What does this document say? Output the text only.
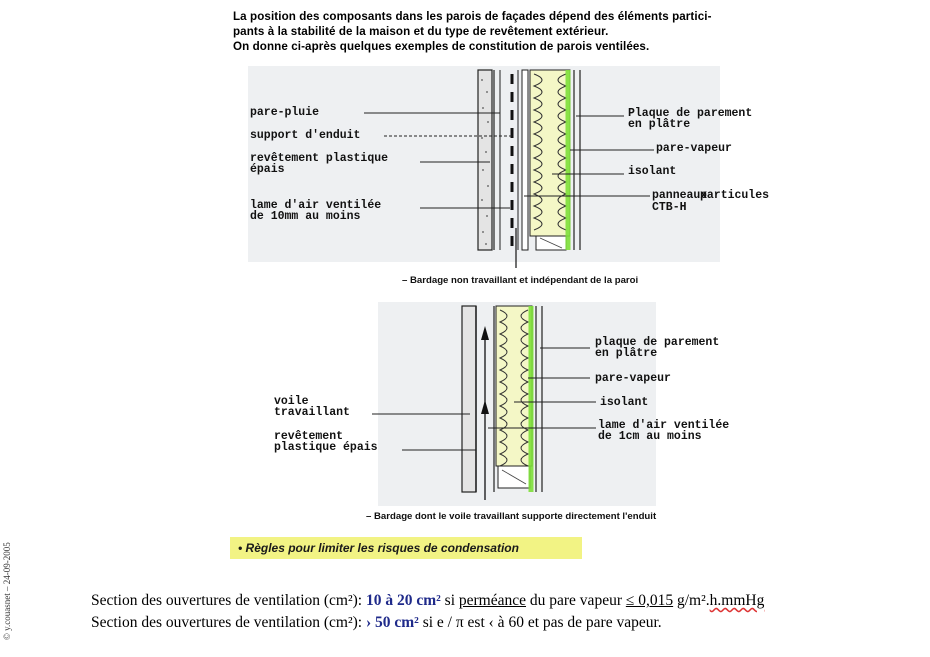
La position des composants dans les parois de façades dépend des éléments partici-

pants à la stabilité de la maison et du type de revêtement extérieur.

On donne ci-après quelques exemples de constitution de parois ventilées.

pare-pluie
support d'enduit
revêtement plastique
épais
lame d'air ventilée
de 10mm au moins
Plaque de parement
en plâtre
pare-vapeur
isolant
panneaux
particules
CTB-H
– Bardage non travaillant et indépendant de la paroi
voile
travaillant
revêtement
plastique épais
plaque de parement
en plâtre
pare-vapeur
isolant
lame d'air ventilée
de 1cm au moins
– Bardage dont le voile travaillant supporte directement l'enduit
• Règles pour limiter les risques de condensation
© y.couasnet – 24-09-2005	Section des ouvertures de ventilation (cm²): 10 à 20 cm² si perméance du pare vapeur ≤ 0,015 g/m².h.mmHg
Section des ouvertures de ventilation (cm²): › 50 cm² si e / π est ‹ à 60 et pas de pare vapeur.
